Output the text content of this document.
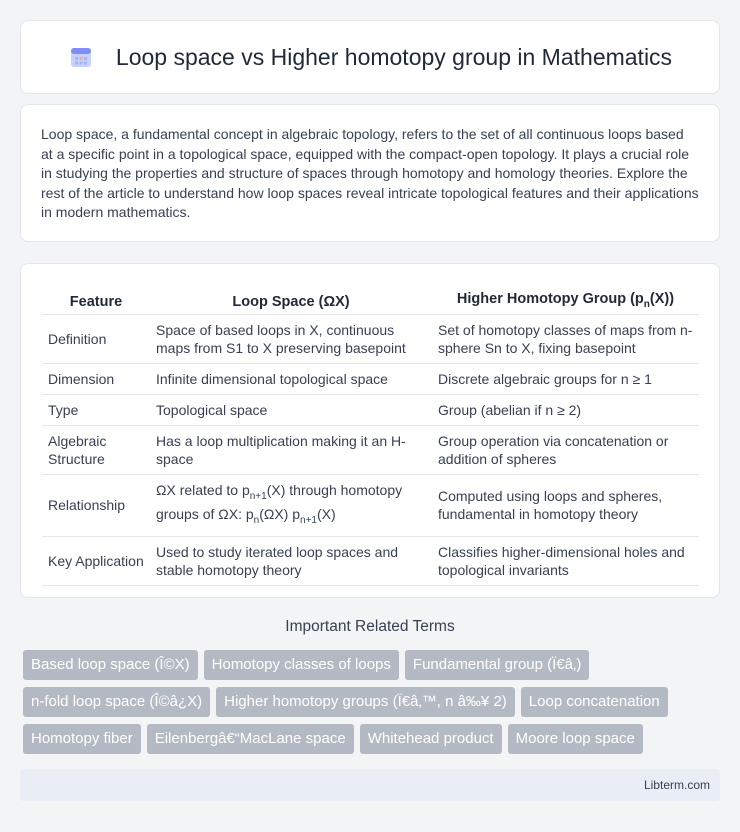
Loop space vs Higher homotopy group in Mathematics

Loop space, a fundamental concept in algebraic topology, refers to the set of all continuous loops based at a specific point in a topological space, equipped with the compact-open topology. It plays a crucial role in studying the properties and structure of spaces through homotopy and homology theories. Explore the rest of the article to understand how loop spaces reveal intricate topological features and their applications in modern mathematics.

Feature	Loop Space (ΩX)	Higher Homotopy Group $(p_n(X))$
Definition	Space of based loops in X, continuous maps from S1 to X preserving basepoint	Set of homotopy classes of maps from n-sphere Sn to X, fixing basepoint
Dimension	Infinite dimensional topological space	Discrete algebraic groups for n ≥ 1
Type	Topological space	Group (abelian if n ≥ 2)
Algebraic Structure	Has a loop multiplication making it an H-space	Group operation via concatenation or addition of spheres
Relationship	ΩX related to $p_{n+1}(X)$ through homotopy groups of ΩX: $p_n(\Omega X)$ $p_{n+1}(X)$	Computed using loops and spheres, fundamental in homotopy theory
Key Application	Used to study iterated loop spaces and stable homotopy theory	Classifies higher-dimensional holes and topological invariants
Important Related Terms
Based loop space (Î©X)	Homotopy classes of loops	Fundamental group (Ï€â‚)
n-fold loop space (Î©â¿X)	Higher homotopy groups (Ï€â‚™, n â‰¥ 2)	Loop concatenation
Homotopy fiber	Eilenbergâ€“MacLane space	Whitehead product	Moore loop space
Libterm.com
